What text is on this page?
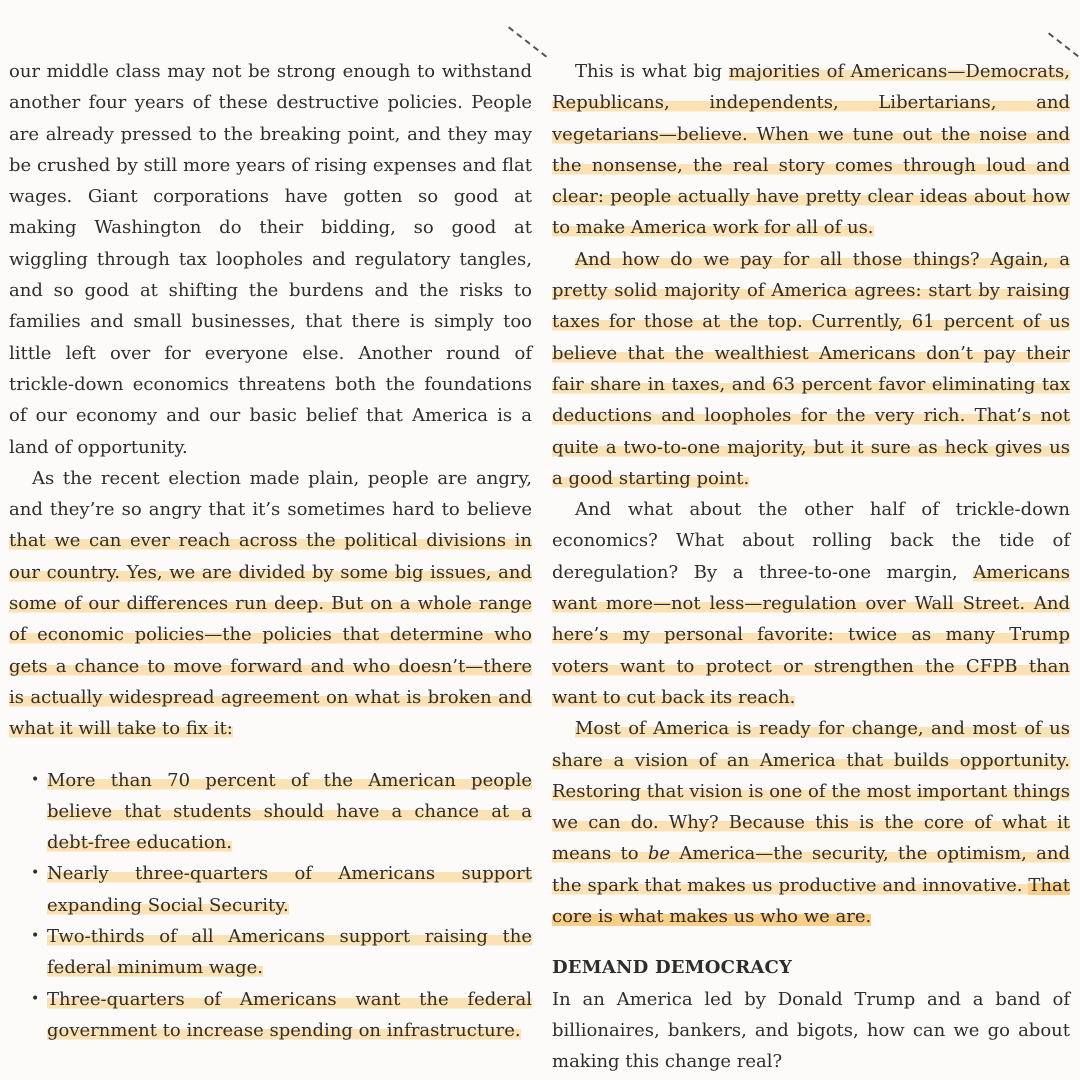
our middle class may not be strong enough to withstand another four years of these destructive policies. People are already pressed to the breaking point, and they may be crushed by still more years of rising expenses and flat wages. Giant corporations have gotten so good at making Washington do their bidding, so good at wiggling through tax loopholes and regulatory tangles, and so good at shifting the burdens and the risks to families and small businesses, that there is simply too little left over for everyone else. Another round of trickle-down economics threatens both the foundations of our economy and our basic belief that America is a land of opportunity.

As the recent election made plain, people are angry, and they’re so angry that it’s sometimes hard to believe that we can ever reach across the political divisions in our country. Yes, we are divided by some big issues, and some of our differences run deep. But on a whole range of economic policies—the policies that determine who gets a chance to move forward and who doesn’t—there is actually widespread agreement on what is broken and what it will take to fix it:

• More than 70 percent of the American people believe that students should have a chance at a debt-free education.
• Nearly three-quarters of Americans support expanding Social Security.
• Two-thirds of all Americans support raising the federal minimum wage.
• Three-quarters of Americans want the federal government to increase spending on infrastructure.

This is what big majorities of Americans—Democrats, Republicans, independents, Libertarians, and vegetarians—believe. When we tune out the noise and the nonsense, the real story comes through loud and clear: people actually have pretty clear ideas about how to make America work for all of us.

And how do we pay for all those things? Again, a pretty solid majority of America agrees: start by raising taxes for those at the top. Currently, 61 percent of us believe that the wealthiest Americans don’t pay their fair share in taxes, and 63 percent favor eliminating tax deductions and loopholes for the very rich. That’s not quite a two-to-one majority, but it sure as heck gives us a good starting point.

And what about the other half of trickle-down economics? What about rolling back the tide of deregulation? By a three-to-one margin, Americans want more—not less—regulation over Wall Street. And here’s my personal favorite: twice as many Trump voters want to protect or strengthen the CFPB than want to cut back its reach.

Most of America is ready for change, and most of us share a vision of an America that builds opportunity. Restoring that vision is one of the most important things we can do. Why? Because this is the core of what it means to be America—the security, the optimism, and the spark that makes us productive and innovative. That core is what makes us who we are.

DEMAND DEMOCRACY

In an America led by Donald Trump and a band of billionaires, bankers, and bigots, how can we go about making this change real?
